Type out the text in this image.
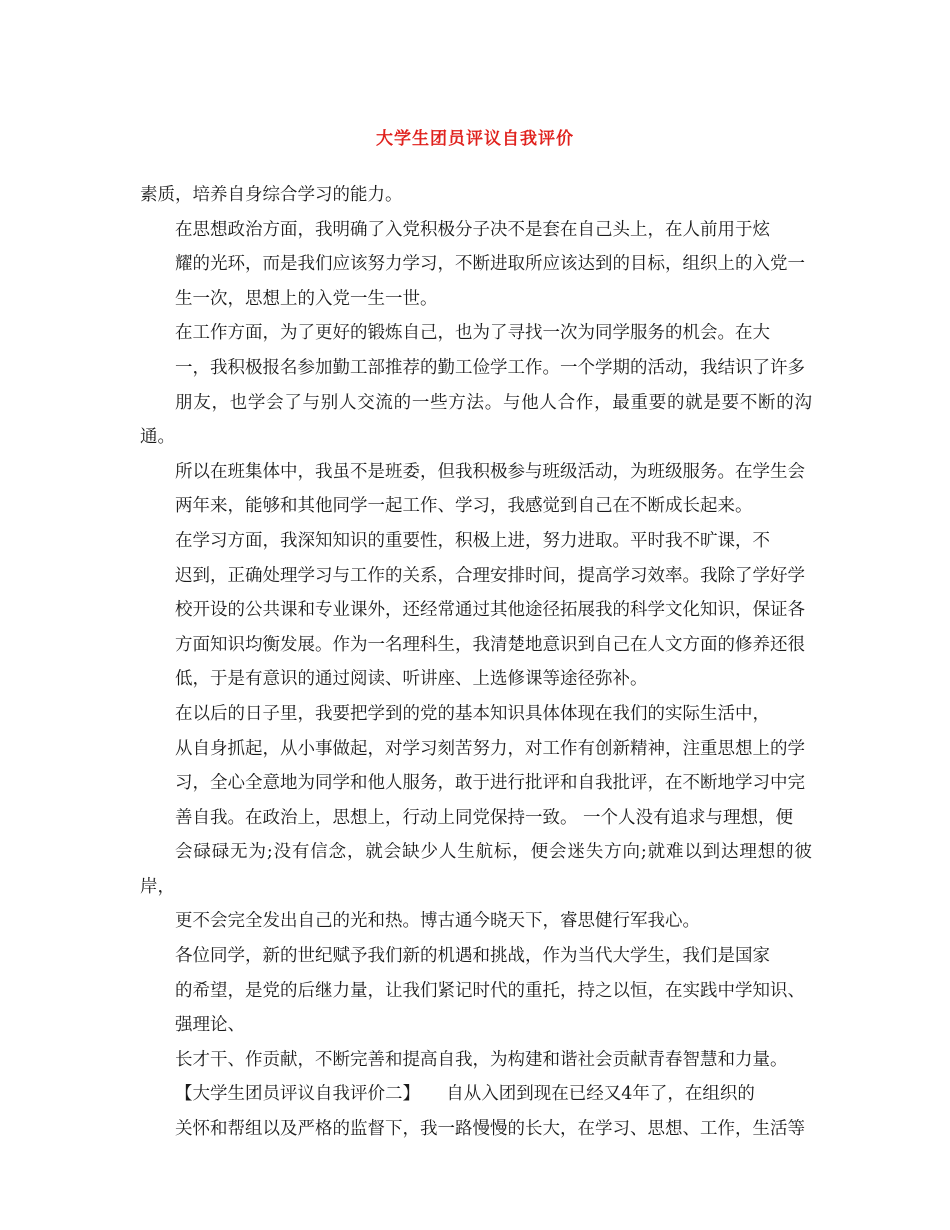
大学生团员评议自我评价

素质，培养自身综合学习的能力。

在思想政治方面，我明确了入党积极分子决不是套在自己头上，在人前用于炫
耀的光环，而是我们应该努力学习，不断进取所应该达到的目标，组织上的入党一
生一次，思想上的入党一生一世。

在工作方面，为了更好的锻炼自己，也为了寻找一次为同学服务的机会。在大
一，我积极报名参加勤工部推荐的勤工俭学工作。一个学期的活动，我结识了许多
朋友，也学会了与别人交流的一些方法。与他人合作，最重要的就是要不断的沟通。
所以在班集体中，我虽不是班委，但我积极参与班级活动，为班级服务。在学生会
两年来，能够和其他同学一起工作、学习，我感觉到自己在不断成长起来。

在学习方面，我深知知识的重要性，积极上进，努力进取。平时我不旷课，不
迟到，正确处理学习与工作的关系，合理安排时间，提高学习效率。我除了学好学
校开设的公共课和专业课外，还经常通过其他途径拓展我的科学文化知识，保证各
方面知识均衡发展。作为一名理科生，我清楚地意识到自己在人文方面的修养还很
低，于是有意识的通过阅读、听讲座、上选修课等途径弥补。

在以后的日子里，我要把学到的党的基本知识具体体现在我们的实际生活中，
从自身抓起，从小事做起，对学习刻苦努力，对工作有创新精神，注重思想上的学
习，全心全意地为同学和他人服务，敢于进行批评和自我批评，在不断地学习中完
善自我。在政治上，思想上，行动上同党保持一致。 一个人没有追求与理想，便
会碌碌无为;没有信念，就会缺少人生航标，便会迷失方向;就难以到达理想的彼岸，
更不会完全发出自己的光和热。博古通今晓天下，睿思健行军我心。

各位同学，新的世纪赋予我们新的机遇和挑战，作为当代大学生，我们是国家
的希望，是党的后继力量，让我们紧记时代的重托，持之以恒，在实践中学知识、
强理论、

长才干、作贡献，不断完善和提高自我，为构建和谐社会贡献青春智慧和力量。

【大学生团员评议自我评价二】　　自从入团到现在已经又4年了，在组织的
关怀和帮组以及严格的监督下，我一路慢慢的长大，在学习、思想、工作，生活等
